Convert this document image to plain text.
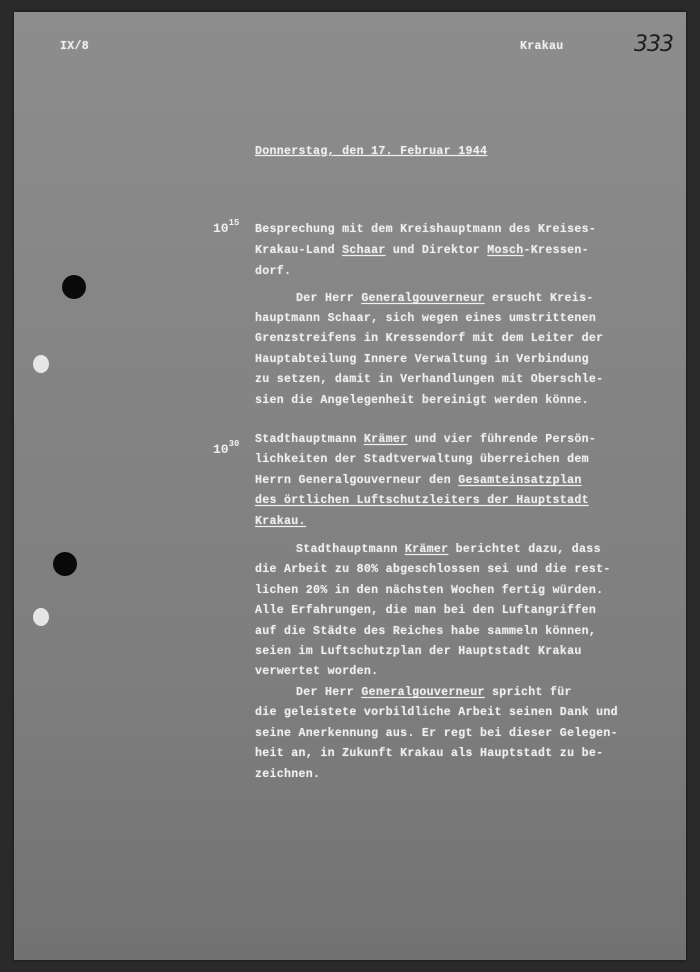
IX/8	Krakau	333
Donnerstag, den 17. Februar 1944
$10^{15}$ Besprechung mit dem Kreishauptmann des Kreises-
Krakau-Land Schaar und Direktor Mosch-Kressen-
dorf.
Der Herr Generalgouverneur ersucht Kreis-
hauptmann Schaar, sich wegen eines umstrittenen
Grenzstreifens in Kressendorf mit dem Leiter der
Hauptabteilung Innere Verwaltung in Verbindung
zu setzen, damit in Verhandlungen mit Oberschle-
sien die Angelegenheit bereinigt werden könne.
$10^{30}$ Stadthauptmann Krämer und vier führende Persön-
lichkeiten der Stadtverwaltung überreichen dem
Herrn Generalgouverneur den Gesamteinsatzplan
des örtlichen Luftschutzleiters der Hauptstadt
Krakau.
Stadthauptmann Krämer berichtet dazu, dass
die Arbeit zu 80% abgeschlossen sei und die rest-
lichen 20% in den nächsten Wochen fertig würden.
Alle Erfahrungen, die man bei den Luftangriffen
auf die Städte des Reiches habe sammeln können,
seien im Luftschutzplan der Hauptstadt Krakau
verwertet worden.
Der Herr Generalgouverneur spricht für
die geleistete vorbildliche Arbeit seinen Dank und
seine Anerkennung aus. Er regt bei dieser Gelegen-
heit an, in Zukunft Krakau als Hauptstadt zu be-
zeichnen.
